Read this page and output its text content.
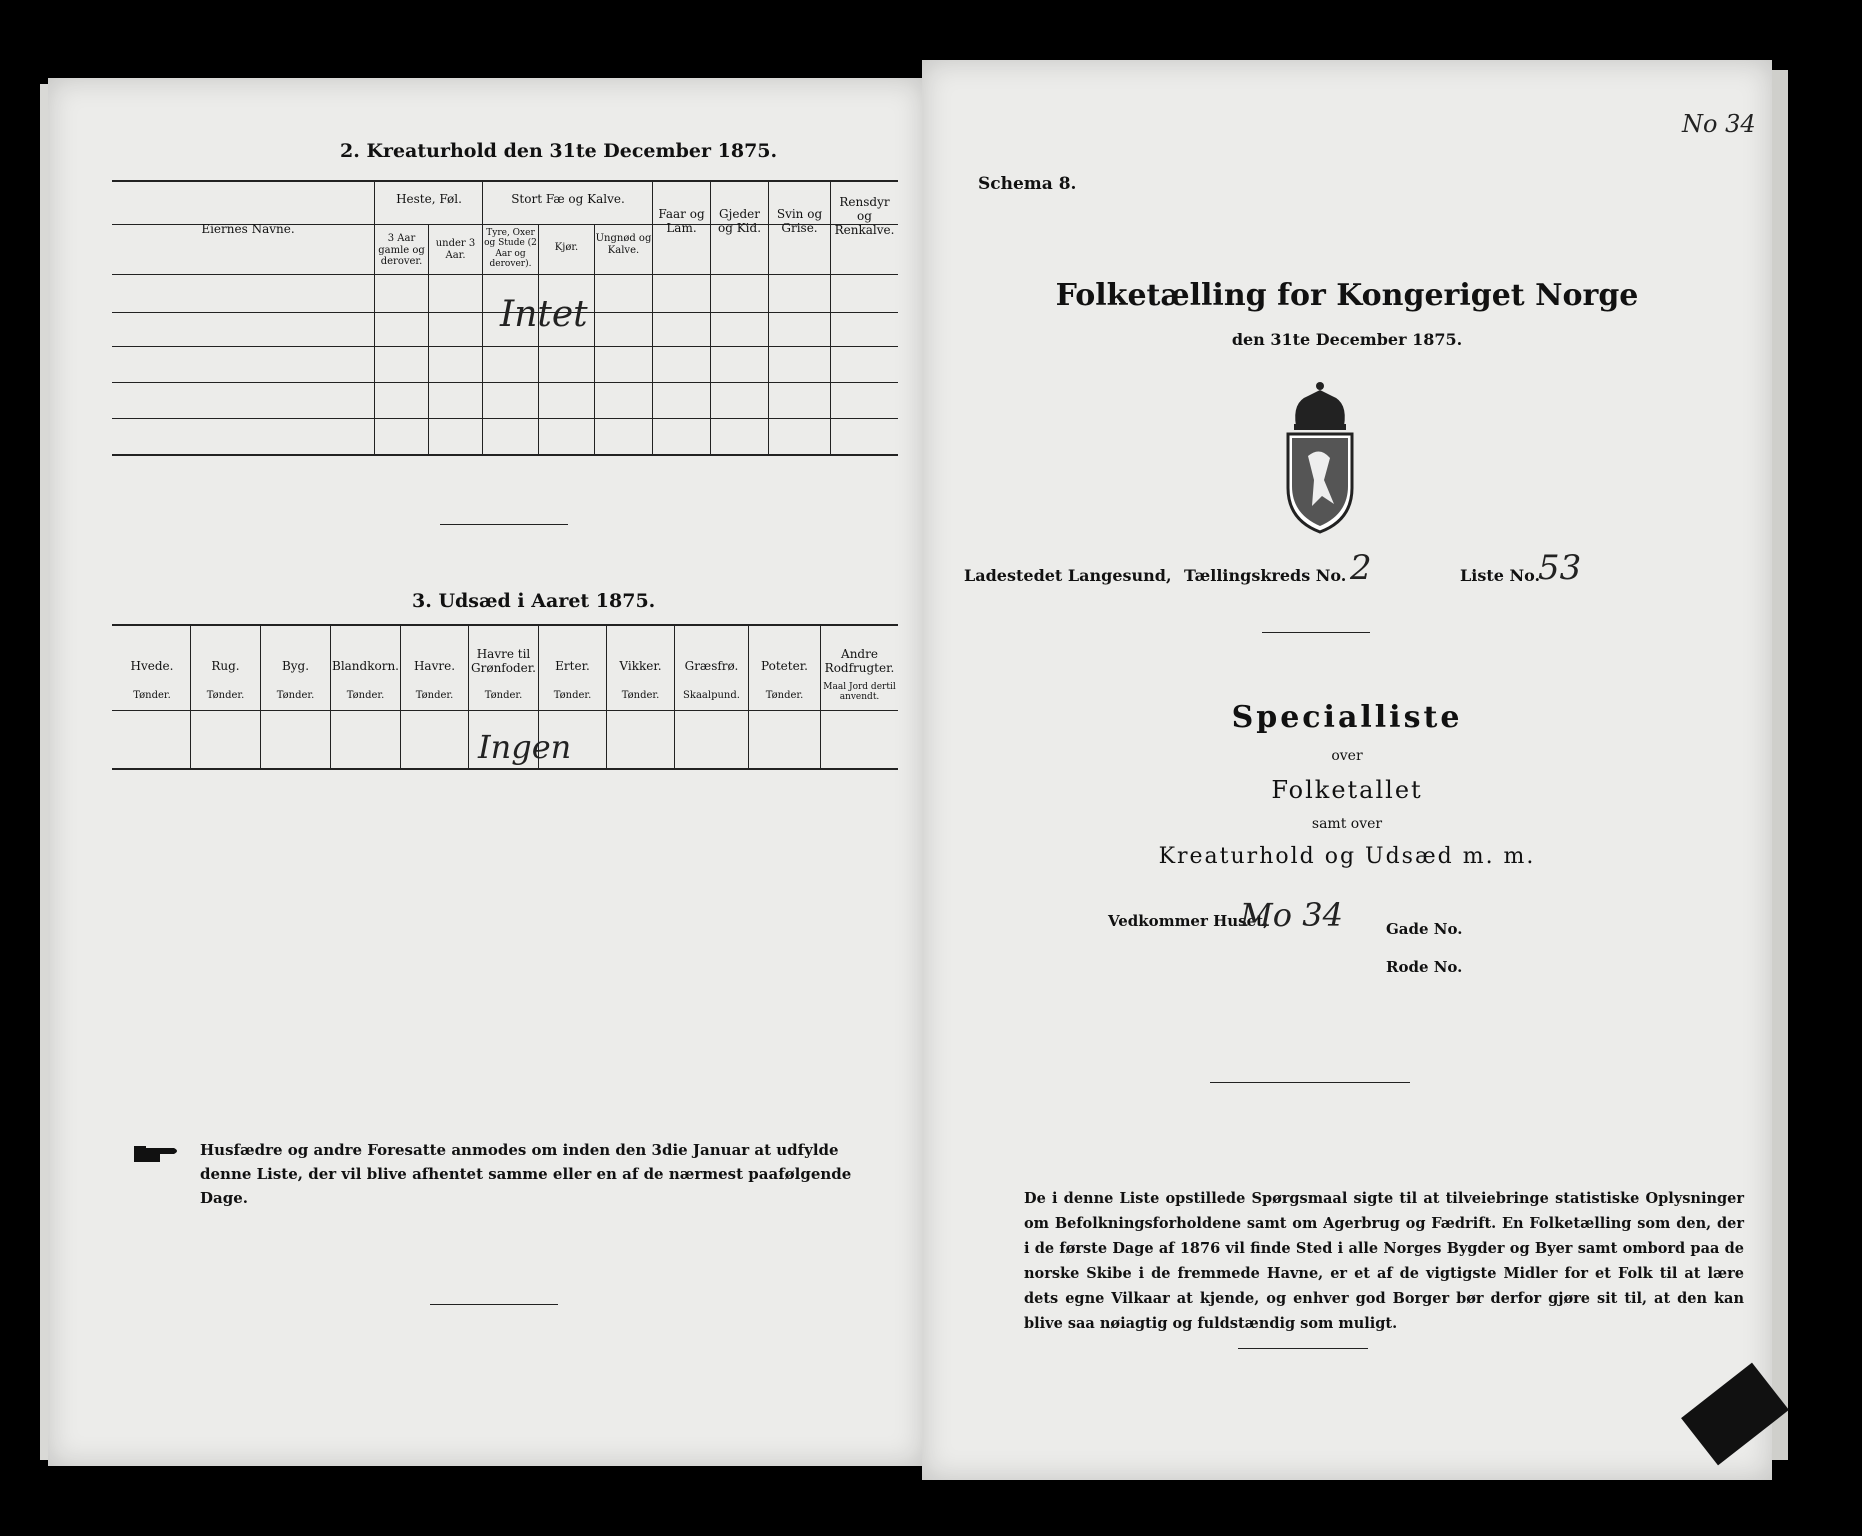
2. Kreaturhold den 31te December 1875.
Eiernes Navne.
Heste, Føl.
3 Aar gamle og derover.
under 3 Aar.
Stort Fæ og Kalve.
Tyre, Oxer og Stude (2 Aar og derover).
Kjør.
Ungnød og Kalve.
Faar og Lam.
Gjeder og Kid.
Svin og Grise.
Rensdyr og Renkalve.
Intet
3. Udsæd i Aaret 1875.
Hvede.
Tønder.
Rug.
Tønder.
Byg.
Tønder.
Blandkorn.
Tønder.
Havre.
Tønder.
Havre til Grønfoder.
Tønder.
Erter.
Tønder.
Vikker.
Tønder.
Græsfrø.
Skaalpund.
Poteter.
Tønder.
Andre Rodfrugter.
Maal Jord dertil anvendt.
Ingen
Husfædre og andre Foresatte anmodes om inden den 3die Januar at udfylde denne Liste, der vil blive afhentet samme eller en af de nærmest paafølgende Dage.
No 34
Schema 8.
Folketælling for Kongeriget Norge
den 31te December 1875.
Ladestedet Langesund, Tællingskreds No. 2	Liste No.
53
Specialliste
over
Folketallet
samt over
Kreaturhold og Udsæd m. m.
Vedkommer Huset,
Mo 34	Gade No.
Rode No.
De i denne Liste opstillede Spørgsmaal sigte til at tilveiebringe statistiske Oplysninger om Befolkningsforholdene samt om Agerbrug og Fædrift. En Folketælling som den, der i de første Dage af 1876 vil finde Sted i alle Norges Bygder og Byer samt ombord paa de norske Skibe i de fremmede Havne, er et af de vigtigste Midler for et Folk til at lære dets egne Vilkaar at kjende, og enhver god Borger bør derfor gjøre sit til, at den kan blive saa nøiagtig og fuldstændig som muligt.
